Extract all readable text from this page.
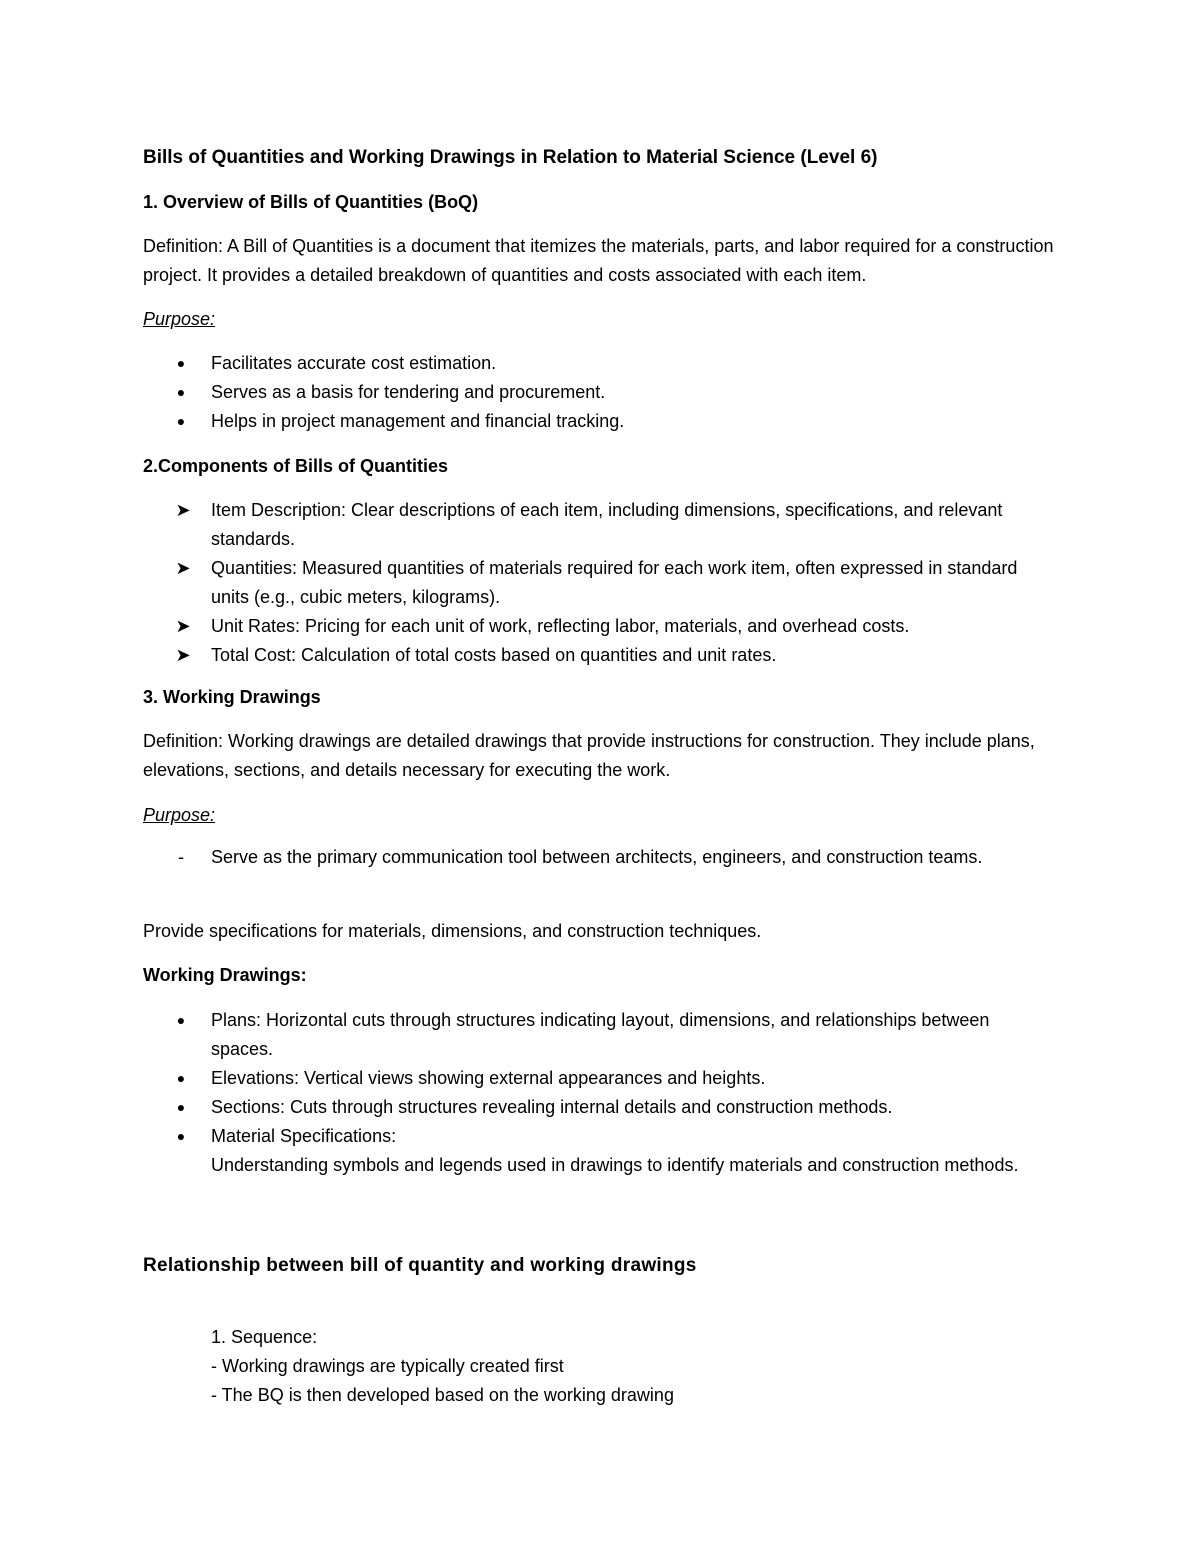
Bills of Quantities and Working Drawings in Relation to Material Science (Level 6)
1. Overview of Bills of Quantities (BoQ)
Definition: A Bill of Quantities is a document that itemizes the materials, parts, and labor required for a construction project. It provides a detailed breakdown of quantities and costs associated with each item.
Purpose:
●	Facilitates accurate cost estimation.
●	Serves as a basis for tendering and procurement.
●	Helps in project management and financial tracking.
2.Components of Bills of Quantities
➤ Item Description: Clear descriptions of each item, including dimensions, specifications, and relevant standards.
➤ Quantities: Measured quantities of materials required for each work item, often expressed in standard units (e.g., cubic meters, kilograms).
➤ Unit Rates: Pricing for each unit of work, reflecting labor, materials, and overhead costs.
➤ Total Cost: Calculation of total costs based on quantities and unit rates.
3. Working Drawings
Definition: Working drawings are detailed drawings that provide instructions for construction. They include plans, elevations, sections, and details necessary for executing the work.
Purpose:
-	Serve as the primary communication tool between architects, engineers, and construction teams.
Provide specifications for materials, dimensions, and construction techniques.
Working Drawings:
●	Plans: Horizontal cuts through structures indicating layout, dimensions, and relationships between spaces.
●	Elevations: Vertical views showing external appearances and heights.
●	Sections: Cuts through structures revealing internal details and construction methods.
●	Material Specifications:
Understanding symbols and legends used in drawings to identify materials and construction methods.
Relationship between bill of quantity and working drawings
1. Sequence:
- Working drawings are typically created first
- The BQ is then developed based on the working drawing
